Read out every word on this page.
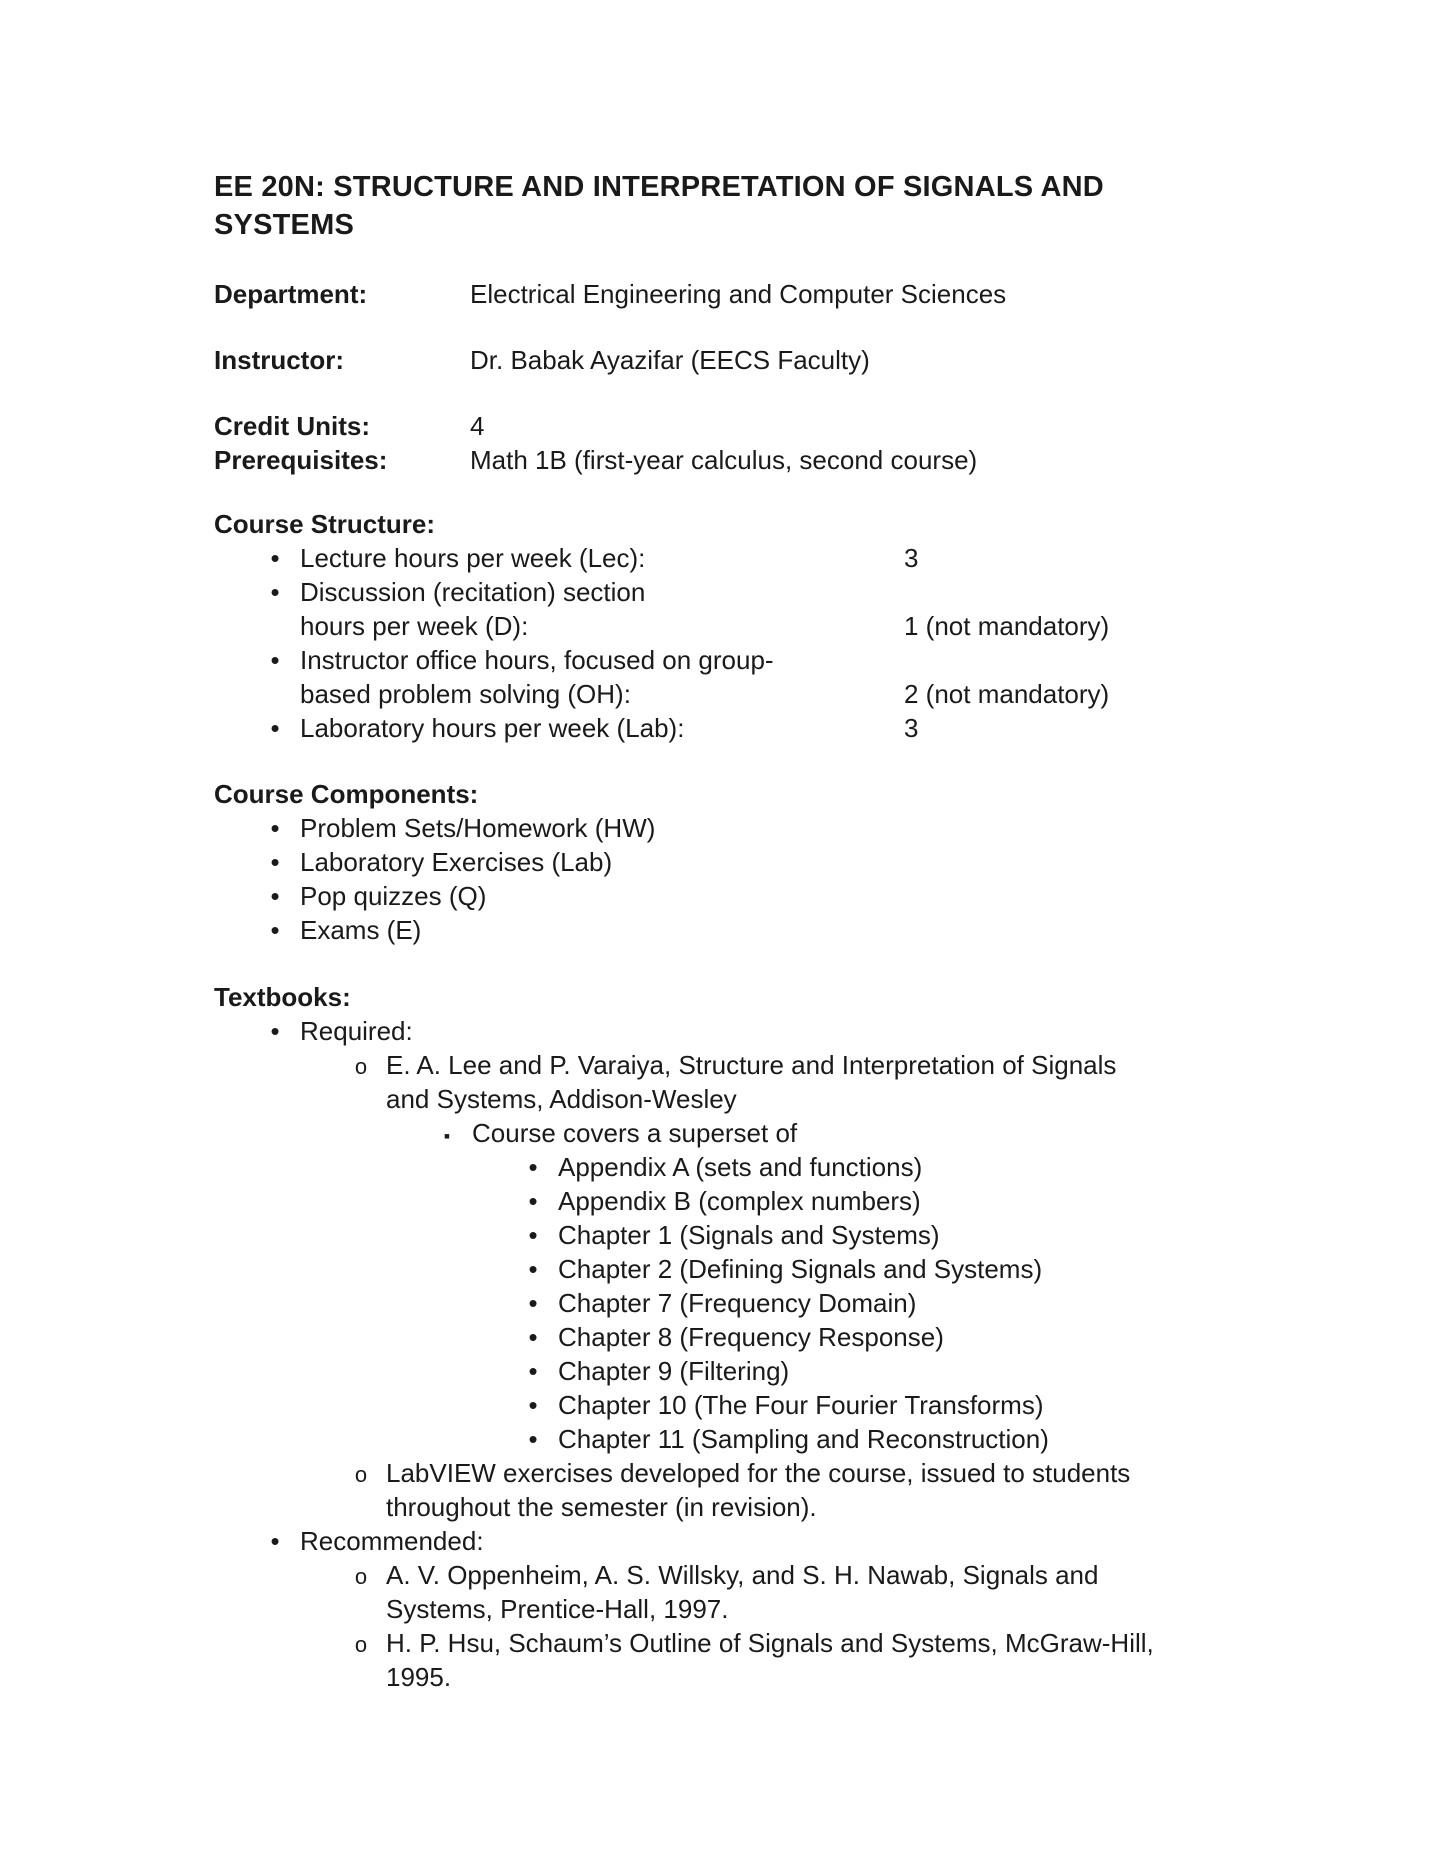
EE 20N: STRUCTURE AND INTERPRETATION OF SIGNALS AND
SYSTEMS
Department:	Electrical Engineering and Computer Sciences
Instructor:	Dr. Babak Ayazifar (EECS Faculty)
Credit Units:	4
Prerequisites:	Math 1B (first-year calculus, second course)
Course Structure:
•
Lecture hours per week (Lec):	3
•
Discussion (recitation) section
hours per week (D):	1 (not mandatory)
•
Instructor office hours, focused on group-
based problem solving (OH):	2 (not mandatory)
•
Laboratory hours per week (Lab):	3
Course Components:
•
Problem Sets/Homework (HW)
•
Laboratory Exercises (Lab)
•
Pop quizzes (Q)
•
Exams (E)
Textbooks:
•
Required:
o
E. A. Lee and P. Varaiya, Structure and Interpretation of Signals
and Systems, Addison-Wesley
▪
Course covers a superset of
•
Appendix A (sets and functions)
•
Appendix B (complex numbers)
•
Chapter 1 (Signals and Systems)
•
Chapter 2 (Defining Signals and Systems)
•
Chapter 7 (Frequency Domain)
•
Chapter 8 (Frequency Response)
•
Chapter 9 (Filtering)
•
Chapter 10 (The Four Fourier Transforms)
•
Chapter 11 (Sampling and Reconstruction)
o
LabVIEW exercises developed for the course, issued to students
throughout the semester (in revision).
•
Recommended:
o
A. V. Oppenheim, A. S. Willsky, and S. H. Nawab, Signals and
Systems, Prentice-Hall, 1997.
o
H. P. Hsu, Schaum’s Outline of Signals and Systems, McGraw-Hill,
1995.
